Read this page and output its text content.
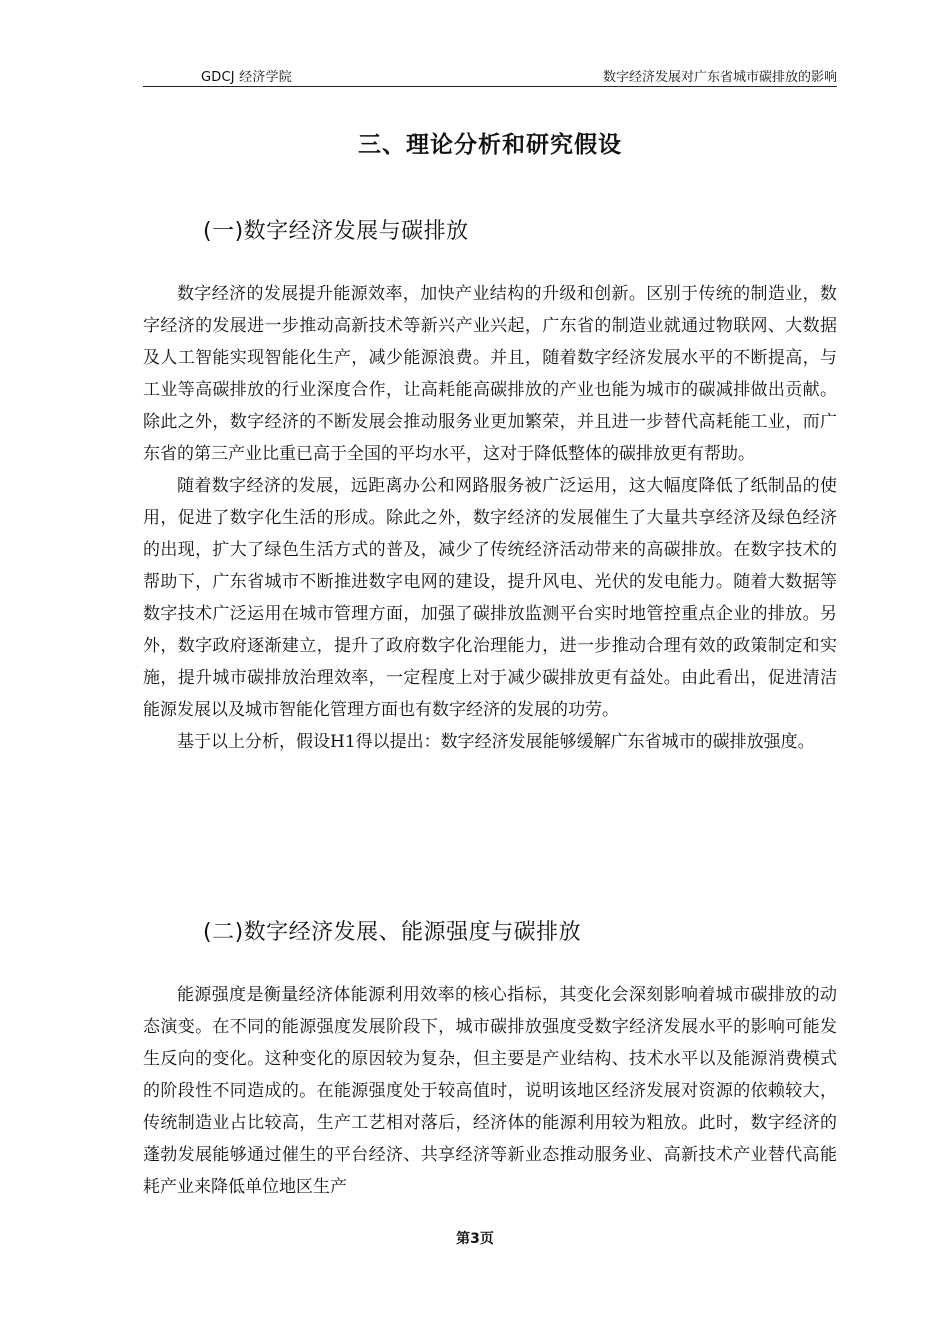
GDCJ 经济学院	数字经济发展对广东省城市碳排放的影响
三、理论分析和研究假设
(一)数字经济发展与碳排放

数字经济的发展提升能源效率，加快产业结构的升级和创新。区别于传统的制造业，数字经济的发展进一步推动高新技术等新兴产业兴起，广东省的制造业就通过物联网、大数据及人工智能实现智能化生产，减少能源浪费。并且，随着数字经济发展水平的不断提高，与工业等高碳排放的行业深度合作，让高耗能高碳排放的产业也能为城市的碳减排做出贡献。除此之外，数字经济的不断发展会推动服务业更加繁荣，并且进一步替代高耗能工业，而广东省的第三产业比重已高于全国的平均水平，这对于降低整体的碳排放更有帮助。

随着数字经济的发展，远距离办公和网路服务被广泛运用，这大幅度降低了纸制品的使用，促进了数字化生活的形成。除此之外，数字经济的发展催生了大量共享经济及绿色经济的出现，扩大了绿色生活方式的普及，减少了传统经济活动带来的高碳排放。在数字技术的帮助下，广东省城市不断推进数字电网的建设，提升风电、光伏的发电能力。随着大数据等数字技术广泛运用在城市管理方面，加强了碳排放监测平台实时地管控重点企业的排放。另外，数字政府逐渐建立，提升了政府数字化治理能力，进一步推动合理有效的政策制定和实施，提升城市碳排放治理效率，一定程度上对于减少碳排放更有益处。由此看出，促进清洁能源发展以及城市智能化管理方面也有数字经济的发展的功劳。

基于以上分析，假设H1得以提出：数字经济发展能够缓解广东省城市的碳排放强度。

(二)数字经济发展、能源强度与碳排放

能源强度是衡量经济体能源利用效率的核心指标，其变化会深刻影响着城市碳排放的动态演变。在不同的能源强度发展阶段下，城市碳排放强度受数字经济发展水平的影响可能发生反向的变化。这种变化的原因较为复杂，但主要是产业结构、技术水平以及能源消费模式的阶段性不同造成的。在能源强度处于较高值时，说明该地区经济发展对资源的依赖较大，传统制造业占比较高，生产工艺相对落后，经济体的能源利用较为粗放。此时，数字经济的蓬勃发展能够通过催生的平台经济、共享经济等新业态推动服务业、高新技术产业替代高能耗产业来降低单位地区生产

第3页
